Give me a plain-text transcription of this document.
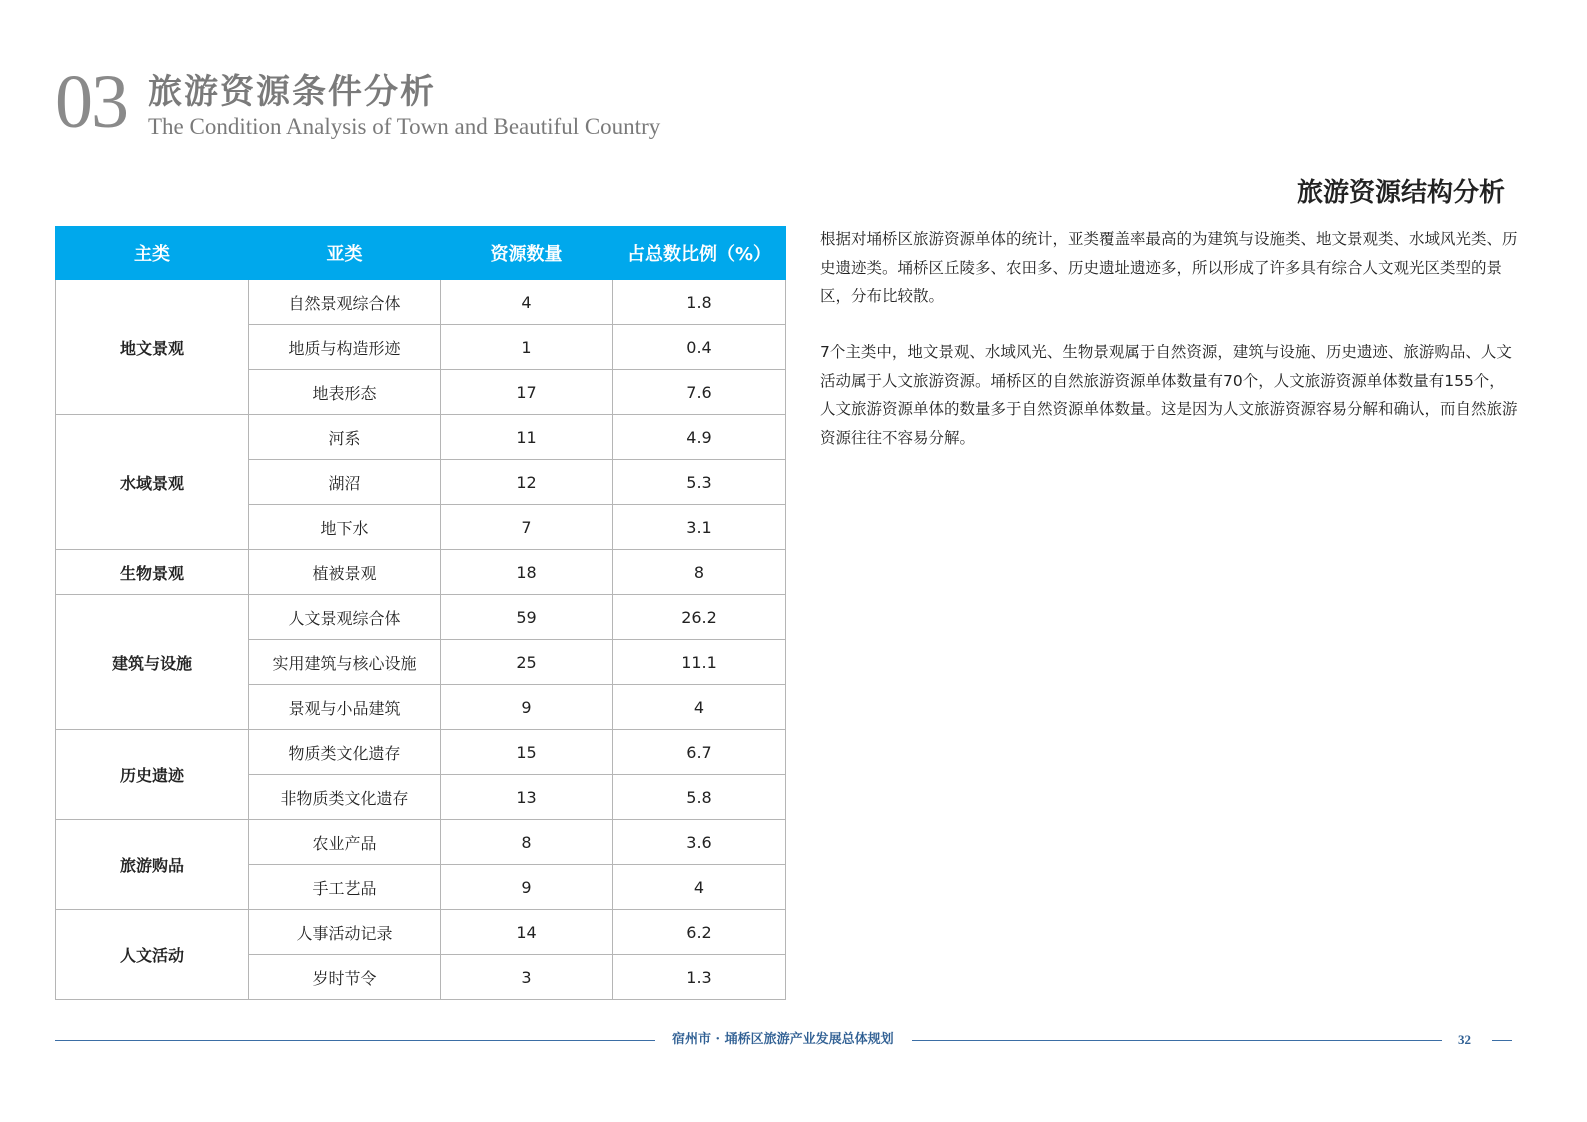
03 旅游资源条件分析
The Condition Analysis of Town and Beautiful Country
主类	亚类	资源数量	占总数比例（%）
地文景观	自然景观综合体	4	1.8
	地质与构造形迹	1	0.4
	地表形态	17	7.6
水域景观	河系	11	4.9
	湖沼	12	5.3
	地下水	7	3.1
生物景观	植被景观	18	8
建筑与设施	人文景观综合体	59	26.2
	实用建筑与核心设施	25	11.1
	景观与小品建筑	9	4
历史遗迹	物质类文化遗存	15	6.7
	非物质类文化遗存	13	5.8
旅游购品	农业产品	8	3.6
	手工艺品	9	4
人文活动	人事活动记录	14	6.2
	岁时节令	3	1.3
旅游资源结构分析

根据对埇桥区旅游资源单体的统计，亚类覆盖率最高的为建筑与设施类、地文景观类、水域风光类、历史遗迹类。埇桥区丘陵多、农田多、历史遗址遗迹多，所以形成了许多具有综合人文观光区类型的景区，分布比较散。

7个主类中，地文景观、水域风光、生物景观属于自然资源，建筑与设施、历史遗迹、旅游购品、人文活动属于人文旅游资源。埇桥区的自然旅游资源单体数量有70个，人文旅游资源单体数量有155个，人文旅游资源单体的数量多于自然资源单体数量。这是因为人文旅游资源容易分解和确认，而自然旅游资源往往不容易分解。

宿州市 · 埇桥区旅游产业发展总体规划	32
